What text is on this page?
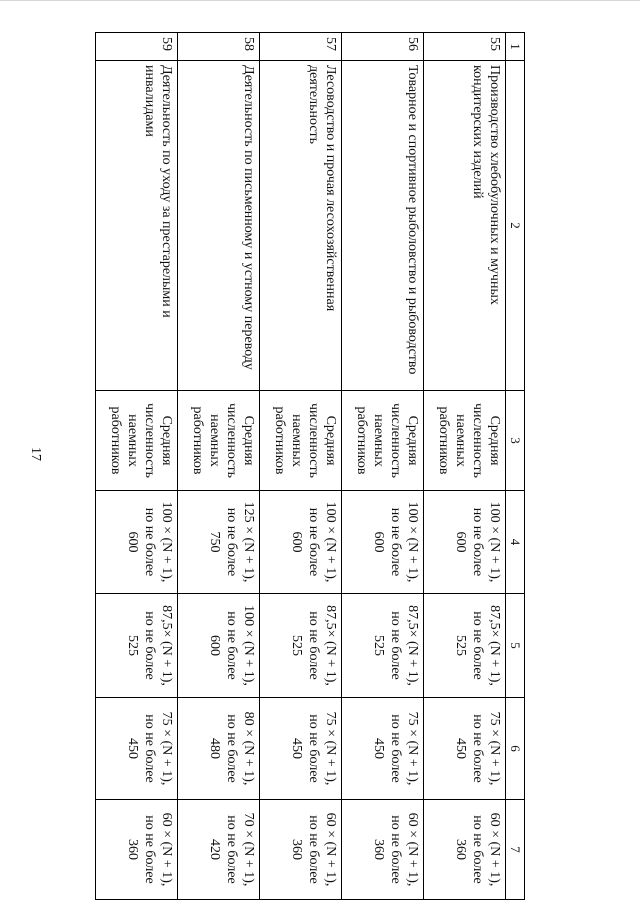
17
1	2	3	4	5	6	7
55	Производство хлебобулочных и мучных кондитерских изделий	Средняя
численность
наемных
работников	100 × (N + 1),
но не более
600	87,5× (N + 1),
но не более
525	75 × (N + 1),
но не более
450	60 × (N + 1),
но не более
360

56	Товарное и спортивное рыболовство и рыбоводство	Средняя
численность
наемных
работников	100 × (N + 1),
но не более
600	87,5× (N + 1),
но не более
525	75 × (N + 1),
но не более
450	60 × (N + 1),
но не более
360

57	Лесоводство и прочая лесохозяйственная деятельность	Средняя
численность
наемных
работников	100 × (N + 1),
но не более
600	87,5× (N + 1),
но не более
525	75 × (N + 1),
но не более
450	60 × (N + 1),
но не более
360

58	Деятельность по письменному и устному переводу	Средняя
численность
наемных
работников	125 × (N + 1),
но не более
750	100 × (N + 1),
но не более
600	80 × (N + 1),
но не более
480	70 × (N + 1),
но не более
420

59	Деятельность по уходу за престарелыми и инвалидами	Средняя
численность
наемных
работников	100 × (N + 1),
но не более
600	87,5× (N + 1),
но не более
525	75 × (N + 1),
но не более
450	60 × (N + 1),
но не более
360
